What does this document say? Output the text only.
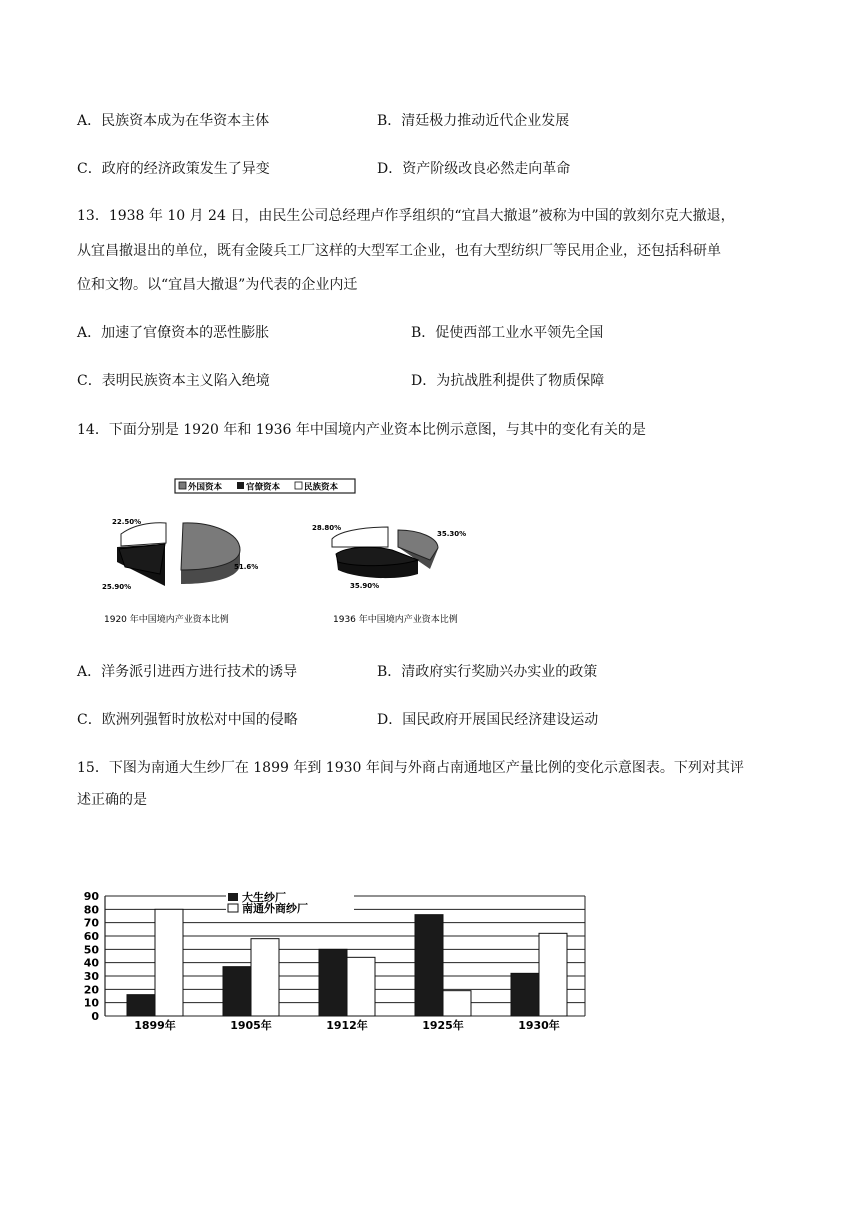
A．民族资本成为在华资本主体	B．清廷极力推动近代企业发展
C．政府的经济政策发生了异变	D．资产阶级改良必然走向革命
13．1938 年 10 月 24 日，由民生公司总经理卢作孚组织的“宜昌大撤退”被称为中国的敦刻尔克大撤退，
从宜昌撤退出的单位，既有金陵兵工厂这样的大型军工企业，也有大型纺织厂等民用企业，还包括科研单
位和文物。以“宜昌大撤退”为代表的企业内迁
A．加速了官僚资本的恶性膨胀	B．促使西部工业水平领先全国
C．表明民族资本主义陷入绝境	D．为抗战胜利提供了物质保障
14．下面分别是 1920 年和 1936 年中国境内产业资本比例示意图，与其中的变化有关的是
外国资本	官僚资本	民族资本
22.50%
25.90%
51.6%
28.80%
35.30%
35.90%
1920 年中国境内产业资本比例	1936 年中国境内产业资本比例
A．洋务派引进西方进行技术的诱导	B．清政府实行奖励兴办实业的政策
C．欧洲列强暂时放松对中国的侵略	D．国民政府开展国民经济建设运动
15．下图为南通大生纱厂在 1899 年到 1930 年间与外商占南通地区产量比例的变化示意图表。下列对其评
述正确的是
0
10
20
30
40
50
60
70
80
90
1899年	1905年	1912年	1925年	1930年
大生纱厂
南通外商纱厂
